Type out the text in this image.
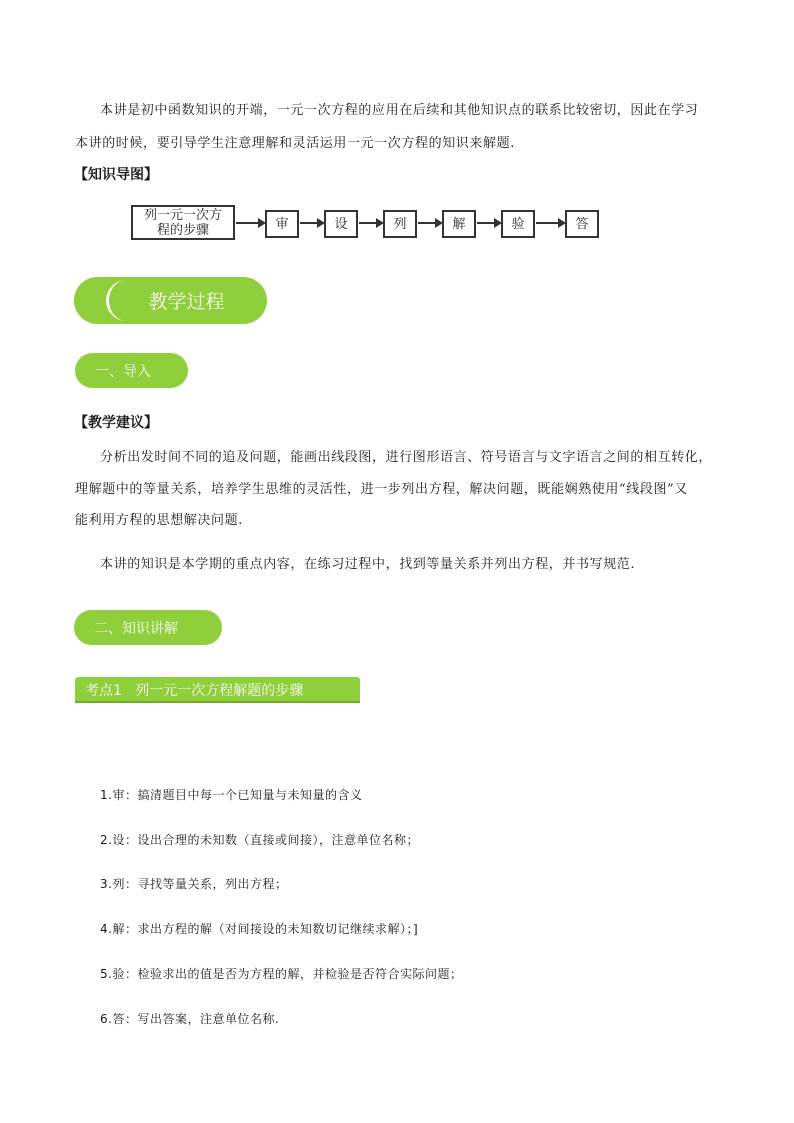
本讲是初中函数知识的开端，一元一次方程的应用在后续和其他知识点的联系比较密切，因此在学习
本讲的时候，要引导学生注意理解和灵活运用一元一次方程的知识来解题.
【知识导图】
列一元一次方
程的步骤	审	设	列	解	验	答
教学过程
一、导入
【教学建议】
分析出发时间不同的追及问题，能画出线段图，进行图形语言、符号语言与文字语言之间的相互转化，
理解题中的等量关系，培养学生思维的灵活性，进一步列出方程，解决问题，既能娴熟使用“线段图”又
能利用方程的思想解决问题.
本讲的知识是本学期的重点内容，在练习过程中，找到等量关系并列出方程，并书写规范.
二、知识讲解
考点1   列一元一次方程解题的步骤
1.审：搞清题目中每一个已知量与未知量的含义
2.设：设出合理的未知数（直接或间接），注意单位名称；
3.列：寻找等量关系，列出方程；
4.解：求出方程的解（对间接设的未知数切记继续求解）；]
5.验：检验求出的值是否为方程的解，并检验是否符合实际问题；
6.答：写出答案，注意单位名称.
